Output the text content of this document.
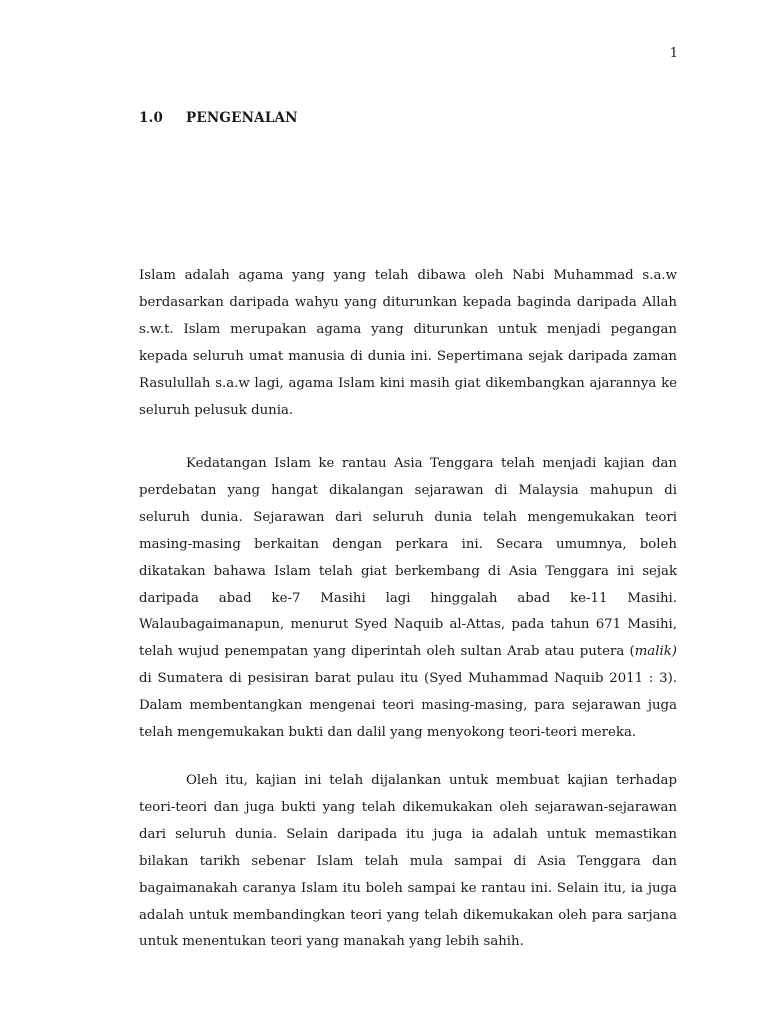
1
1.0 PENGENALAN

Islam adalah agama yang yang telah dibawa oleh Nabi Muhammad s.a.w berdasarkan daripada wahyu yang diturunkan kepada baginda daripada Allah s.w.t. Islam merupakan agama yang diturunkan untuk menjadi pegangan kepada seluruh umat manusia di dunia ini. Sepertimana sejak daripada zaman Rasulullah s.a.w lagi, agama Islam kini masih giat dikembangkan ajarannya ke seluruh pelusuk dunia.

Kedatangan Islam ke rantau Asia Tenggara telah menjadi kajian dan perdebatan yang hangat dikalangan sejarawan di Malaysia mahupun di seluruh dunia. Sejarawan dari seluruh dunia telah mengemukakan teori masing-masing berkaitan dengan perkara ini. Secara umumnya, boleh dikatakan bahawa Islam telah giat berkembang di Asia Tenggara ini sejak daripada abad ke-7 Masihi lagi hinggalah abad ke-11 Masihi. Walaubagaimanapun, menurut Syed Naquib al-Attas, pada tahun 671 Masihi, telah wujud penempatan yang diperintah oleh sultan Arab atau putera (malik) di Sumatera di pesisiran barat pulau itu (Syed Muhammad Naquib 2011 : 3). Dalam membentangkan mengenai teori masing-masing, para sejarawan juga telah mengemukakan bukti dan dalil yang menyokong teori-teori mereka.

Oleh itu, kajian ini telah dijalankan untuk membuat kajian terhadap teori-teori dan juga bukti yang telah dikemukakan oleh sejarawan-sejarawan dari seluruh dunia. Selain daripada itu juga ia adalah untuk memastikan bilakan tarikh sebenar Islam telah mula sampai di Asia Tenggara dan bagaimanakah caranya Islam itu boleh sampai ke rantau ini. Selain itu, ia juga adalah untuk membandingkan teori yang telah dikemukakan oleh para sarjana untuk menentukan teori yang manakah yang lebih sahih.
